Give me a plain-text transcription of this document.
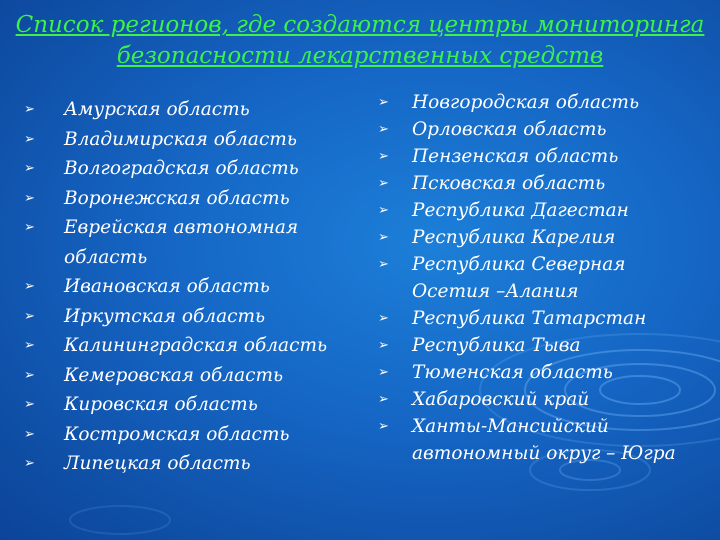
Список регионов, где создаются центры мониторинга
безопасности лекарственных средств
➢ Амурская область
➢ Владимирская область
➢ Волгоградская область
➢ Воронежская область
➢ Еврейская автономная область
➢ Ивановская область
➢ Иркутская область
➢ Калининградская область
➢ Кемеровская область
➢ Кировская область
➢ Костромская область
➢ Липецкая область
➢ Новгородская область
➢ Орловская область
➢ Пензенская область
➢ Псковская область
➢ Республика Дагестан
➢ Республика Карелия
➢ Республика Северная Осетия –Алания
➢ Республика Татарстан
➢ Республика Тыва
➢ Тюменская область
➢ Хабаровский край
➢ Ханты-Мансийский автономный округ – Югра
